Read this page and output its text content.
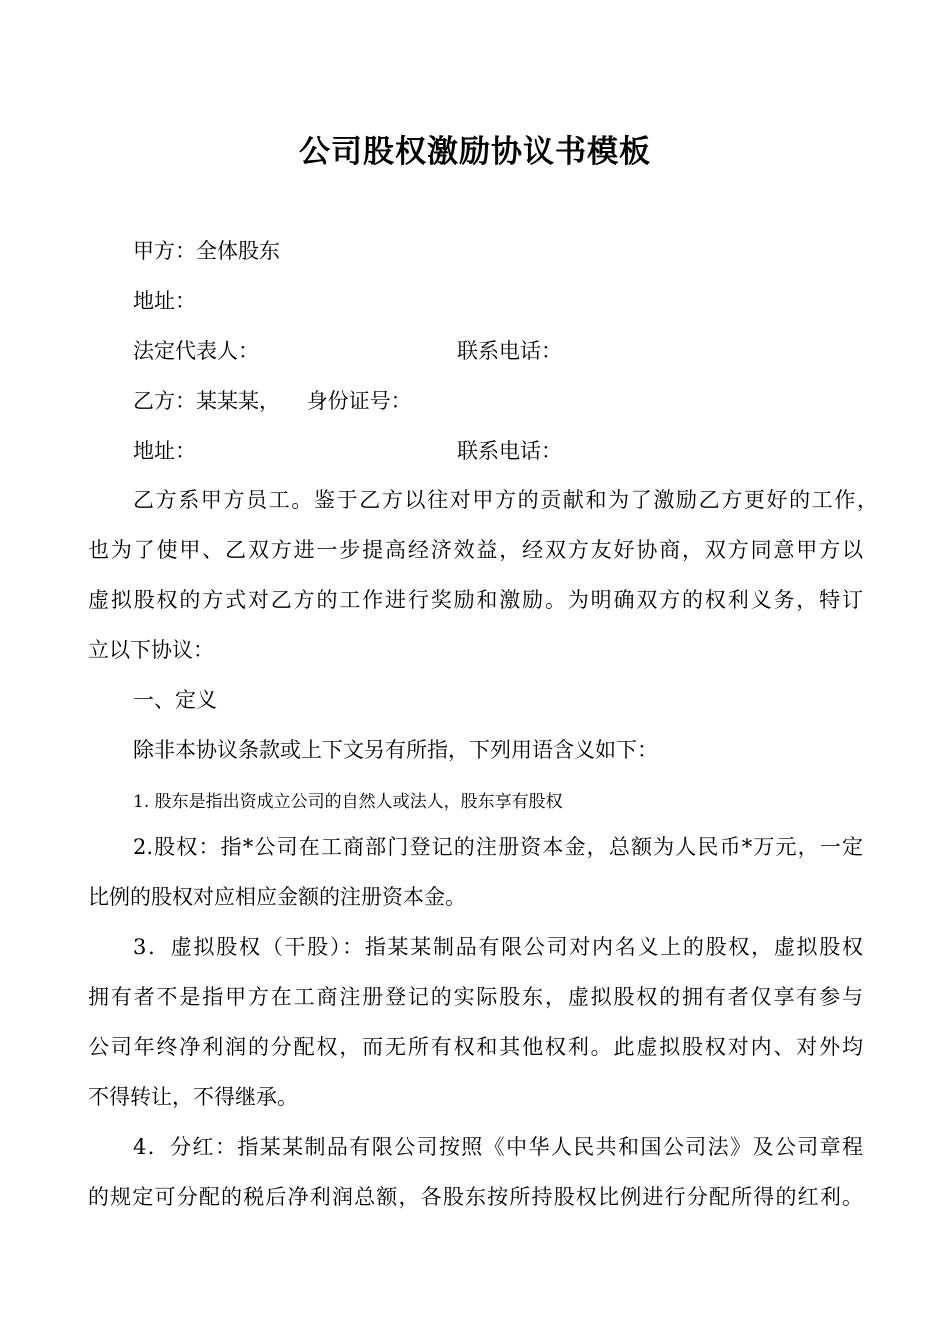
公司股权激励协议书模板
甲方：全体股东
地址：
法定代表人：	联系电话：
乙方：某某某， 身份证号：
地址：	联系电话：
乙方系甲方员工。鉴于乙方以往对甲方的贡献和为了激励乙方更好的工作，
也为了使甲、乙双方进一步提高经济效益，经双方友好协商，双方同意甲方以
虚拟股权的方式对乙方的工作进行奖励和激励。为明确双方的权利义务，特订
立以下协议：
一、定义
除非本协议条款或上下文另有所指，下列用语含义如下：
1. 股东是指出资成立公司的自然人或法人，股东享有股权
2.股权：指*公司在工商部门登记的注册资本金，总额为人民币*万元，一定
比例的股权对应相应金额的注册资本金。
3．虚拟股权（干股）：指某某制品有限公司对内名义上的股权，虚拟股权
拥有者不是指甲方在工商注册登记的实际股东，虚拟股权的拥有者仅享有参与
公司年终净利润的分配权，而无所有权和其他权利。此虚拟股权对内、对外均
不得转让，不得继承。
4．分红：指某某制品有限公司按照《中华人民共和国公司法》及公司章程
的规定可分配的税后净利润总额，各股东按所持股权比例进行分配所得的红利。
